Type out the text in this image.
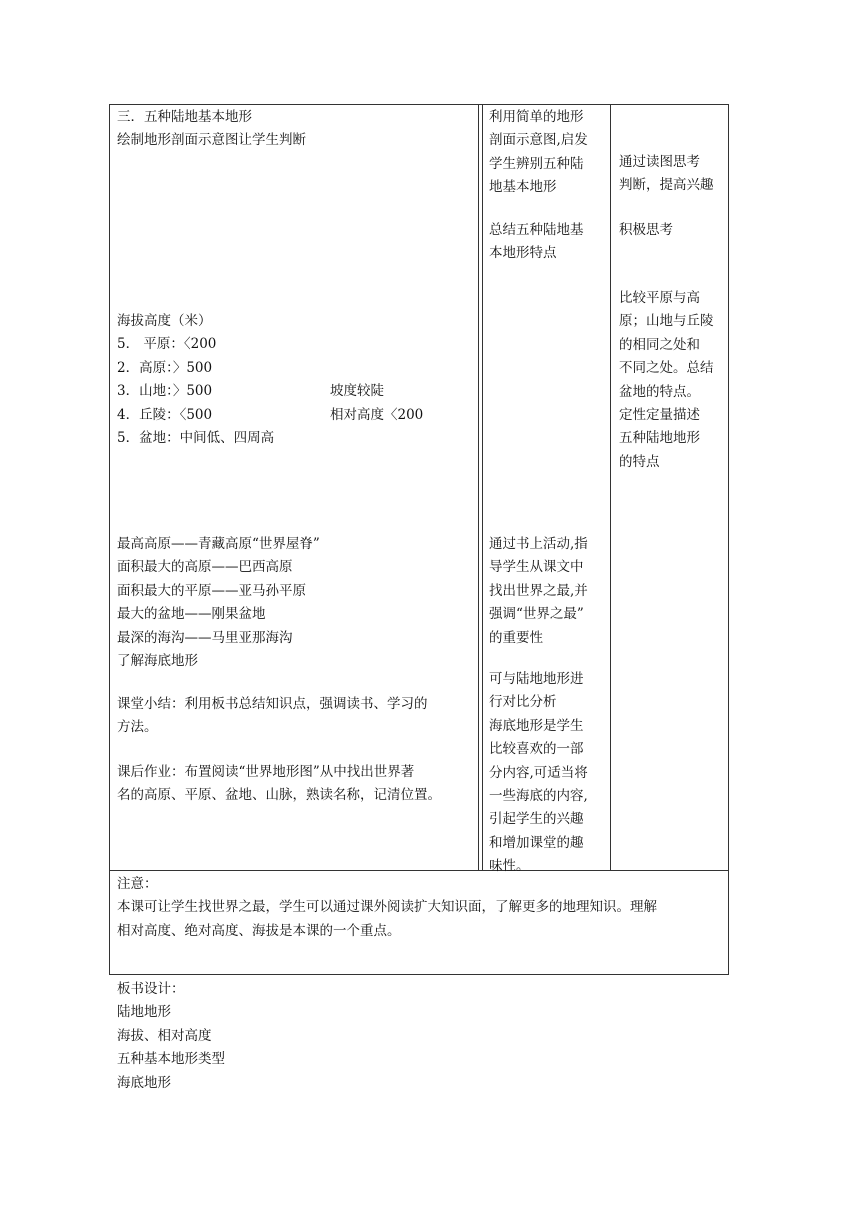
三．五种陆地基本地形
绘制地形剖面示意图让学生判断
海拔高度（米）
5． 平原：〈200
2．高原：〉500
3．山地：〉500	坡度较陡
4．丘陵：〈500	相对高度〈200
5．盆地：中间低、四周高
最高高原——青藏高原“世界屋脊”
面积最大的高原——巴西高原
面积最大的平原——亚马孙平原
最大的盆地——刚果盆地
最深的海沟——马里亚那海沟
了解海底地形
课堂小结：利用板书总结知识点，强调读书、学习的
方法。
课后作业：布置阅读“世界地形图”从中找出世界著
名的高原、平原、盆地、山脉，熟读名称，记清位置。
利用简单的地形
剖面示意图,启发
学生辨别五种陆
地基本地形
总结五种陆地基
本地形特点
通过书上活动,指
导学生从课文中
找出世界之最,并
强调“世界之最”
的重要性
可与陆地地形进
行对比分析
海底地形是学生
比较喜欢的一部
分内容,可适当将
一些海底的内容,
引起学生的兴趣
和增加课堂的趣
味性。
通过读图思考
判断，提高兴趣
积极思考
比较平原与高
原；山地与丘陵
的相同之处和
不同之处。总结
盆地的特点。
定性定量描述
五种陆地地形
的特点
注意：
本课可让学生找世界之最，学生可以通过课外阅读扩大知识面，了解更多的地理知识。理解
相对高度、绝对高度、海拔是本课的一个重点。
板书设计：
陆地地形
海拔、相对高度
五种基本地形类型
海底地形
